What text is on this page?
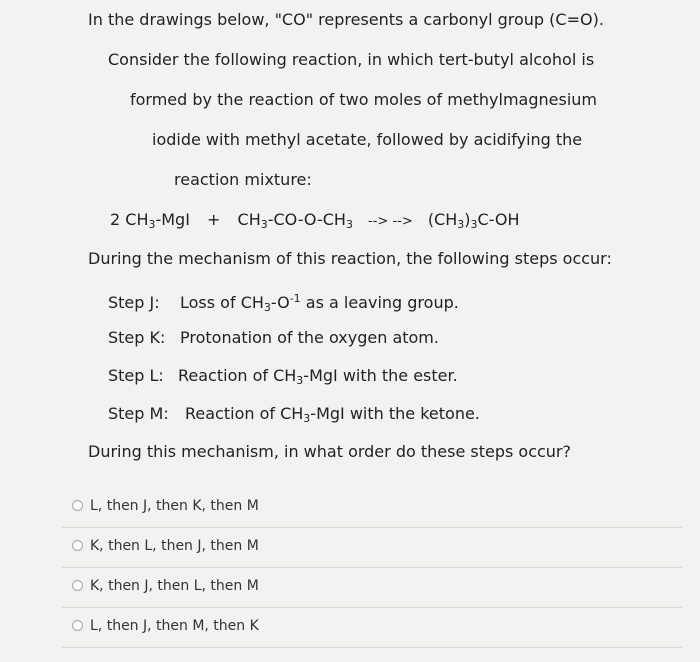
In the drawings below, "CO" represents a carbonyl group (C=O).
Consider the following reaction, in which tert-butyl alcohol is
formed by the reaction of two moles of methylmagnesium
iodide with methyl acetate, followed by acidifying the
reaction mixture:
2 $CH_3$-MgI + $CH_3-CO-O-CH_3$ --> --> $(CH_3)_3C-OH$
During the mechanism of this reaction, the following steps occur:
Step J: Loss of $CH_3-O^{-1}$ as a leaving group.
Step K: Protonation of the oxygen atom.
Step L: Reaction of $CH_3$-MgI with the ester.
Step M: Reaction of $CH_3$-MgI with the ketone.
During this mechanism, in what order do these steps occur?
L, then J, then K, then M
K, then L, then J, then M
K, then J, then L, then M
L, then J, then M, then K
